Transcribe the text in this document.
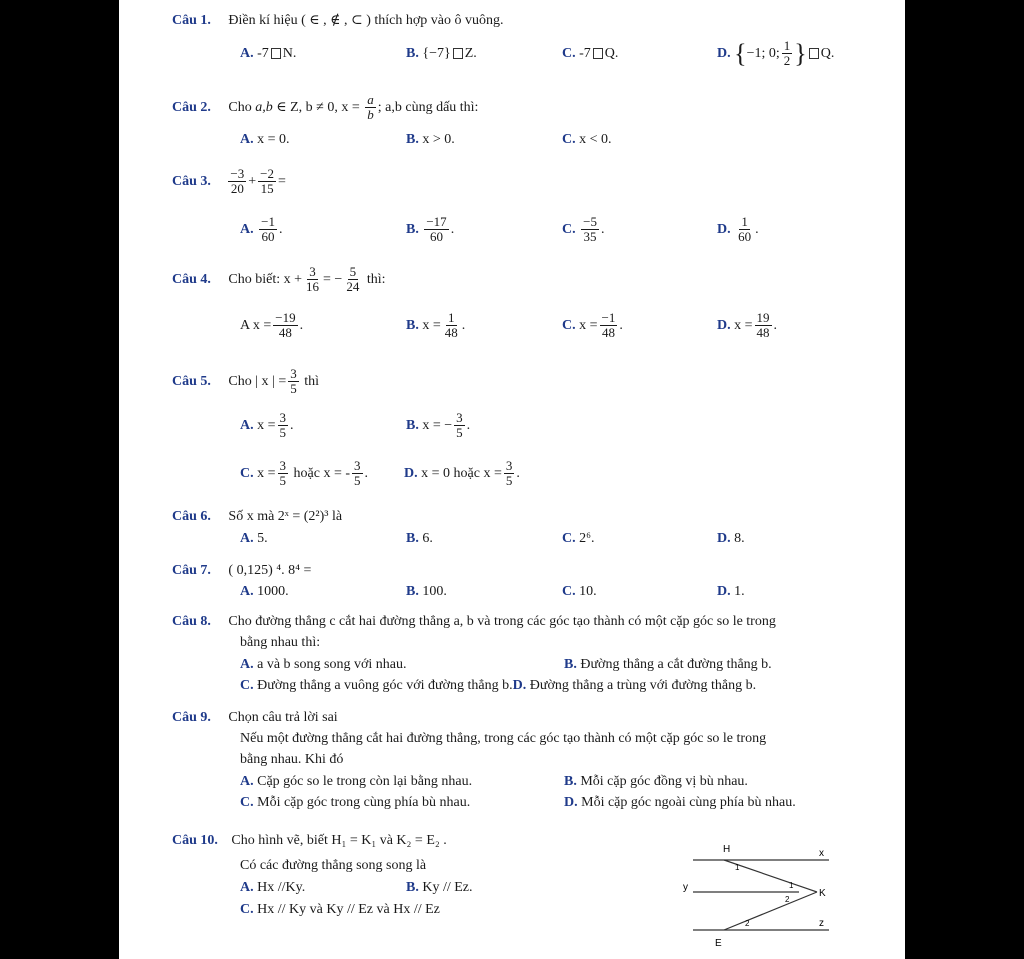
Câu 1. Điền kí hiệu ( ∈ , ∉ , ⊂ ) thích hợp vào ô vuông.
A. -7 N.	B. {−7} Z.	C. -7 Q.	D. {−1; 0; $\frac{1}{2}$ } Q.
Câu 2. Cho a,b ∈ Z, b ≠ 0, $x = \frac{a}{b}$ ; a,b cùng dấu thì:
A. x = 0.	B. x > 0.	C. x < 0.
Câu 3. $\frac{-3}{20} + \frac{-2}{15}$ =
A. $\frac{-1}{60}$ .	B. $\frac{-17}{60}$ .	C. $\frac{-5}{35}$ .	D. $\frac{1}{60}$ .
Câu 4. Cho biết: $x + \frac{3}{16}$ = − $\frac{5}{24}$ thì:
A $x = \frac{-19}{48}$ .	B. $x = \frac{1}{48}$ .	C. $x = \frac{-1}{48}$ .	D. $x = \frac{19}{48}$ .
Câu 5. Cho | x | = $\frac{3}{5}$ thì
A. $x = \frac{3}{5}$ .	B. x = − $\frac{3}{5}$ .
C. $x = \frac{3}{5}$ hoặc x = - $\frac{3}{5}$ .	D. x = 0 hoặc $x = \frac{3}{5}$ .
Câu 6. Số x mà 2ˣ = (2²)³ là
A. 5.	B. 6.	C. 2⁶.	D. 8.
Câu 7. ( 0,125) ⁴. 8⁴ =
A. 1000.	B. 100.	C. 10.	D. 1.
Câu 8. Cho đường thẳng c cắt hai đường thẳng a, b và trong các góc tạo thành có một cặp góc so le trong
bằng nhau thì:
A. a và b song song với nhau.	B. Đường thẳng a cắt đường thẳng b.
C. Đường thẳng a vuông góc với đường thẳng b.D. Đường thẳng a trùng với đường thẳng b.
Câu 9. Chọn câu trả lời sai
Nếu một đường thẳng cắt hai đường thẳng, trong các góc tạo thành có một cặp góc so le trong
bằng nhau. Khi đó
A. Cặp góc so le trong còn lại bằng nhau.	B. Mỗi cặp góc đồng vị bù nhau.
C. Mỗi cặp góc trong cùng phía bù nhau.	D. Mỗi cặp góc ngoài cùng phía bù nhau.
Câu 10. Cho hình vẽ, biết H₁ = K₁ và K₂ = E₂ .
Có các đường thẳng song song là
A. Hx //Ky.	B. Ky // Ez.
C. Hx // Ky và Ky // Ez và Hx // Ez
H	x
y
K
z
E
1
1
2
2
